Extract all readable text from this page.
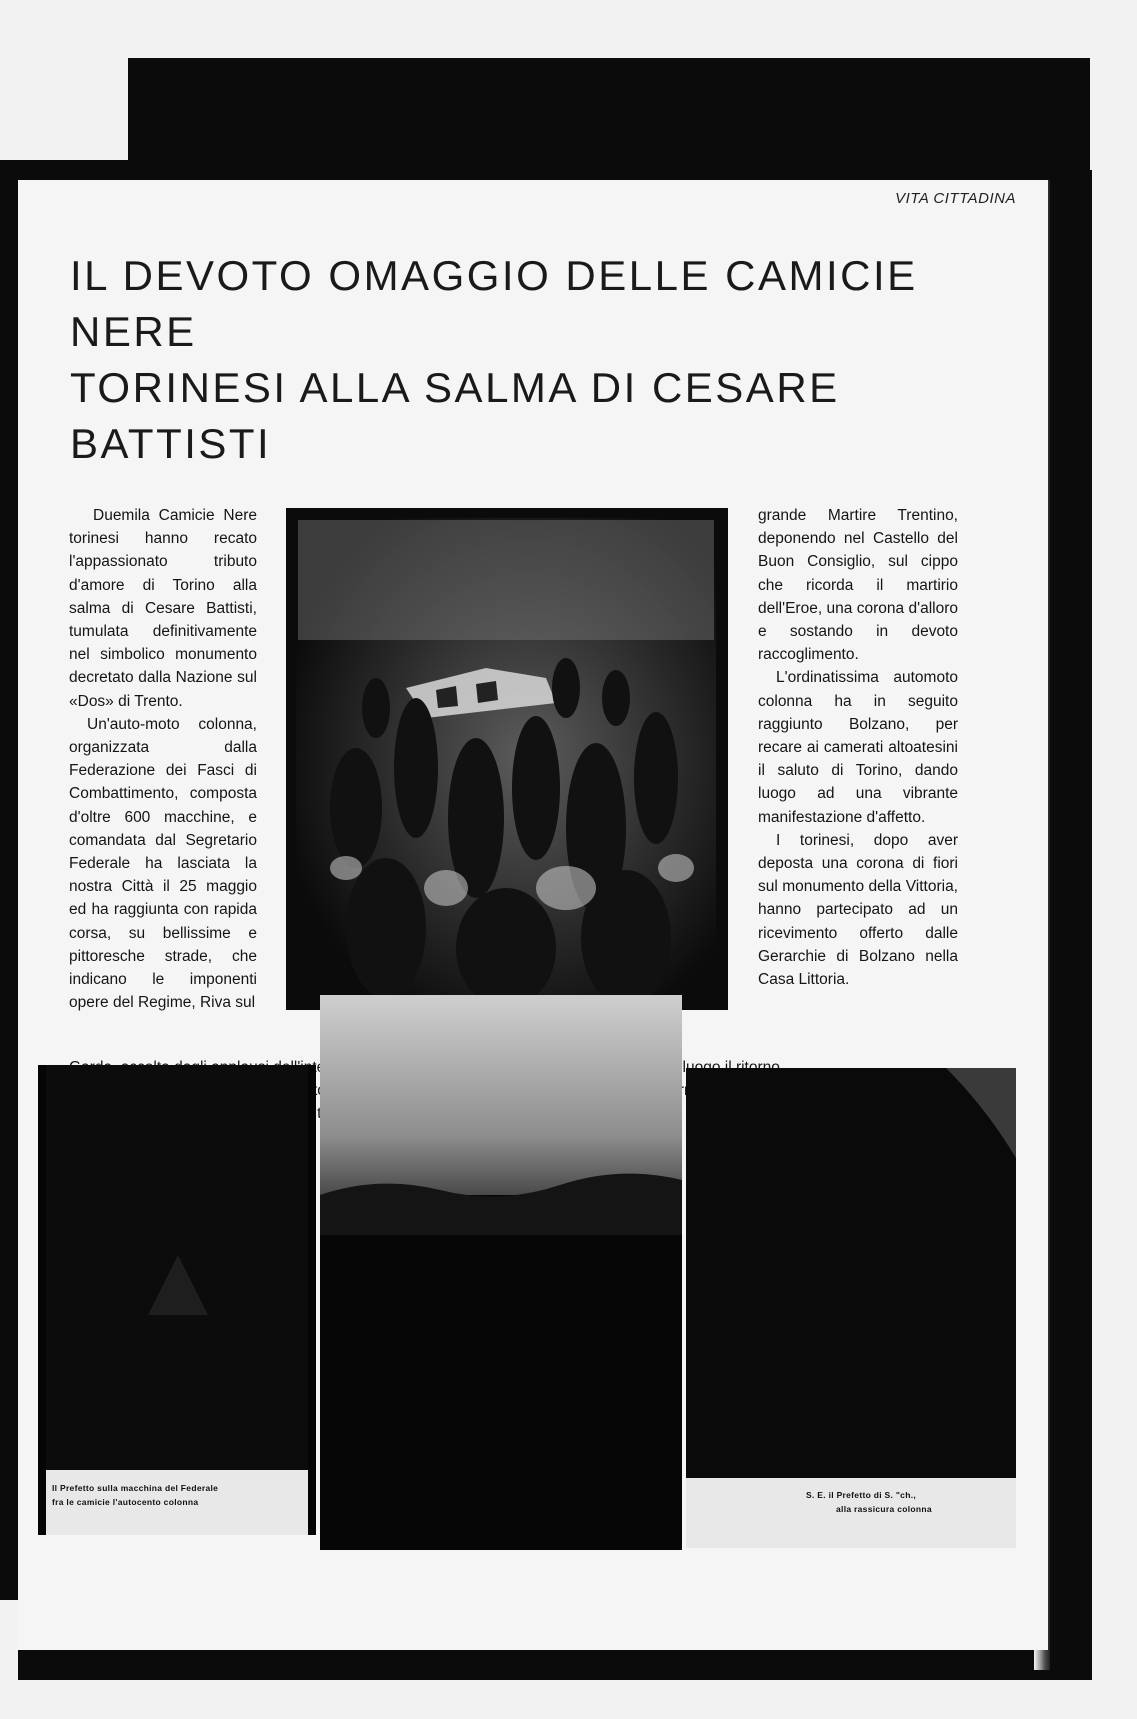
VITA CITTADINA
IL DEVOTO OMAGGIO DELLE CAMICIE NERE
TORINESI ALLA SALMA DI CESARE BATTISTI

Duemila Camicie Nere torinesi hanno recato l'appassionato tributo d'amore di Torino alla salma di Cesare Battisti, tumulata definitivamente nel simbolico monumento decretato dalla Nazione sul «Dos» di Trento.

Un'auto-moto colonna, organizzata dalla Federazione dei Fasci di Combattimento, composta d'oltre 600 macchine, e comandata dal Segretario Federale ha lasciata la nostra Città il 25 maggio ed ha raggiunta con rapida corsa, su bellissime e pittoresche strade, che indicano le imponenti opere del Regime, Riva sul

grande Martire Trentino, deponendo nel Castello del Buon Consiglio, sul cippo che ricorda il martirio dell'Eroe, una corona d'alloro e sostando in devoto raccoglimento.

L'ordinatissima automoto colonna ha in seguito raggiunto Bolzano, per recare ai camerati altoatesini il saluto di Torino, dando luogo ad una vibrante manifestazione d'affetto.

I torinesi, dopo aver deposta una corona di fiori sul monumento della Vittoria, hanno partecipato ad un ricevimento offerto dalle Gerarchie di Bolzano nella Casa Littoria.

Il Prefetto sulla macchina del Federale
fra le camicie l'autocento colonna
S. E. il Prefetto di S. "ch.,
alla rassicura colonna
